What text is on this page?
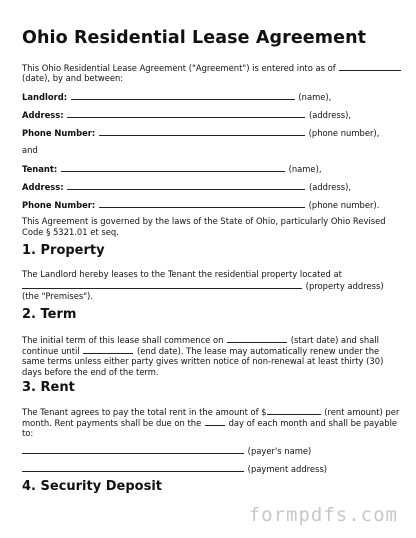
Ohio Residential Lease Agreement
This Ohio Residential Lease Agreement ("Agreement") is entered into as of
(date), by and between:
Landlord:	(name),
Address:	(address),
Phone Number:	(phone number),
and
Tenant:	(name),
Address:	(address),
Phone Number:	(phone number).
This Agreement is governed by the laws of the State of Ohio, particularly Ohio Revised
Code § 5321.01 et seq.
1. Property
The Landlord hereby leases to the Tenant the residential property located at
(property address)
(the "Premises").
2. Term
The initial term of this lease shall commence on	(start date) and shall
continue until	(end date). The lease may automatically renew under the
same terms unless either party gives written notice of non-renewal at least thirty (30)
days before the end of the term.
3. Rent
The Tenant agrees to pay the total rent in the amount of $	(rent amount) per
month. Rent payments shall be due on the	day of each month and shall be payable
to:
(payer's name)
(payment address)
4. Security Deposit
formpdfs.com
